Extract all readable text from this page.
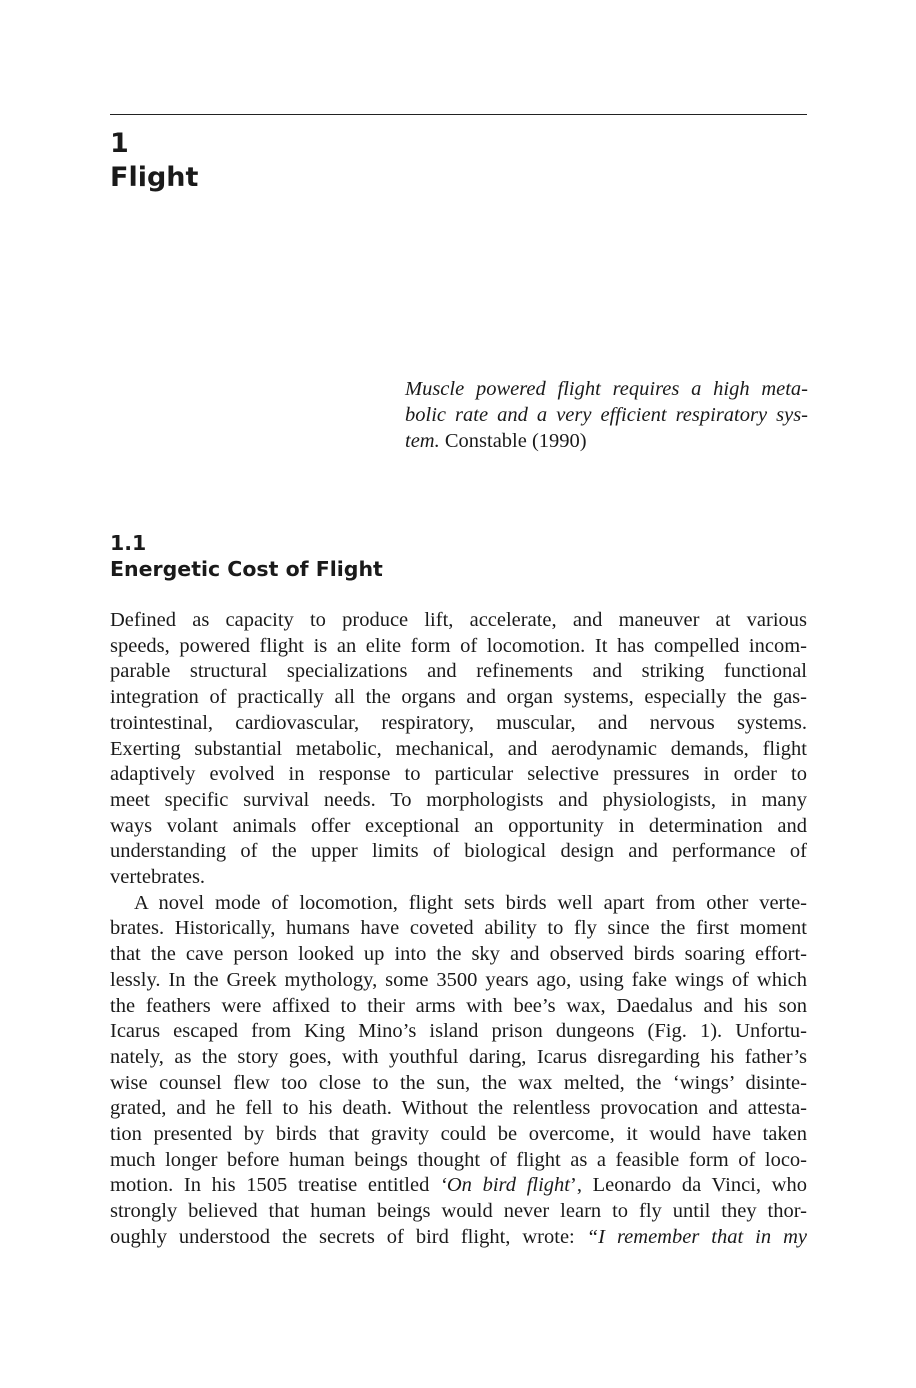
1
Flight
Muscle powered flight requires a high meta-
bolic rate and a very efficient respiratory sys-
tem. Constable (1990)
1.1
Energetic Cost of Flight

Defined as capacity to produce lift, accelerate, and maneuver at various
speeds, powered flight is an elite form of locomotion. It has compelled incom-
parable structural specializations and refinements and striking functional
integration of practically all the organs and organ systems, especially the gas-
trointestinal, cardiovascular, respiratory, muscular, and nervous systems.
Exerting substantial metabolic, mechanical, and aerodynamic demands, flight
adaptively evolved in response to particular selective pressures in order to
meet specific survival needs. To morphologists and physiologists, in many
ways volant animals offer exceptional an opportunity in determination and
understanding of the upper limits of biological design and performance of
vertebrates.

A novel mode of locomotion, flight sets birds well apart from other verte-
brates. Historically, humans have coveted ability to fly since the first moment
that the cave person looked up into the sky and observed birds soaring effort-
lessly. In the Greek mythology, some 3500 years ago, using fake wings of which
the feathers were affixed to their arms with bee’s wax, Daedalus and his son
Icarus escaped from King Mino’s island prison dungeons (Fig. 1). Unfortu-
nately, as the story goes, with youthful daring, Icarus disregarding his father’s
wise counsel flew too close to the sun, the wax melted, the ‘wings’ disinte-
grated, and he fell to his death. Without the relentless provocation and attesta-
tion presented by birds that gravity could be overcome, it would have taken
much longer before human beings thought of flight as a feasible form of loco-
motion. In his 1505 treatise entitled ‘On bird flight’, Leonardo da Vinci, who
strongly believed that human beings would never learn to fly until they thor-
oughly understood the secrets of bird flight, wrote: “I remember that in my
